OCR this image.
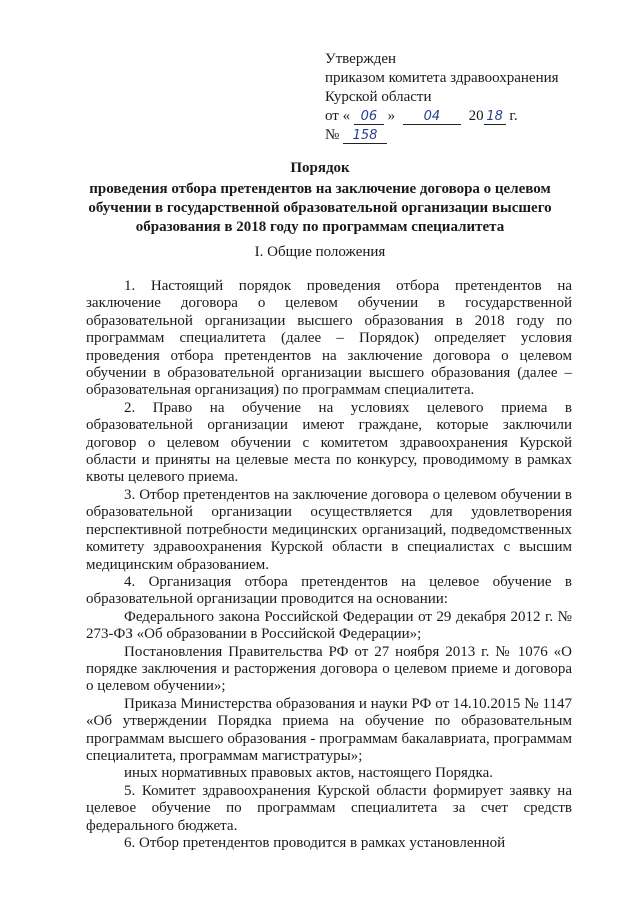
Утвержден
приказом комитета здравоохранения
Курской области
от « 06 » 04 20 18 г.
№ 158
Порядок
проведения отбора претендентов на заключение договора о целевом
обучении в государственной образовательной организации высшего
образования в 2018 году по программам специалитета
I. Общие положения

1. Настоящий порядок проведения отбора претендентов на заключение договора о целевом обучении в государственной образовательной организации высшего образования в 2018 году по программам специалитета (далее – Порядок) определяет условия проведения отбора претендентов на заключение договора о целевом обучении в образовательной организации высшего образования (далее – образовательная организация) по программам специалитета.

2. Право на обучение на условиях целевого приема в образовательной организации имеют граждане, которые заключили договор о целевом обучении с комитетом здравоохранения Курской области и приняты на целевые места по конкурсу, проводимому в рамках квоты целевого приема.

3. Отбор претендентов на заключение договора о целевом обучении в образовательной организации осуществляется для удовлетворения перспективной потребности медицинских организаций, подведомственных комитету здравоохранения Курской области в специалистах с высшим медицинским образованием.

4. Организация отбора претендентов на целевое обучение в образовательной организации проводится на основании:

Федерального закона Российской Федерации от 29 декабря 2012 г. № 273-ФЗ «Об образовании в Российской Федерации»;

Постановления Правительства РФ от 27 ноября 2013 г. № 1076 «О порядке заключения и расторжения договора о целевом приеме и договора о целевом обучении»;

Приказа Министерства образования и науки РФ от 14.10.2015 № 1147 «Об утверждении Порядка приема на обучение по образовательным программам высшего образования - программам бакалавриата, программам специалитета, программам магистратуры»;

иных нормативных правовых актов, настоящего Порядка.

5. Комитет здравоохранения Курской области формирует заявку на целевое обучение по программам специалитета за счет средств федерального бюджета.

6. Отбор претендентов проводится в рамках установленной
